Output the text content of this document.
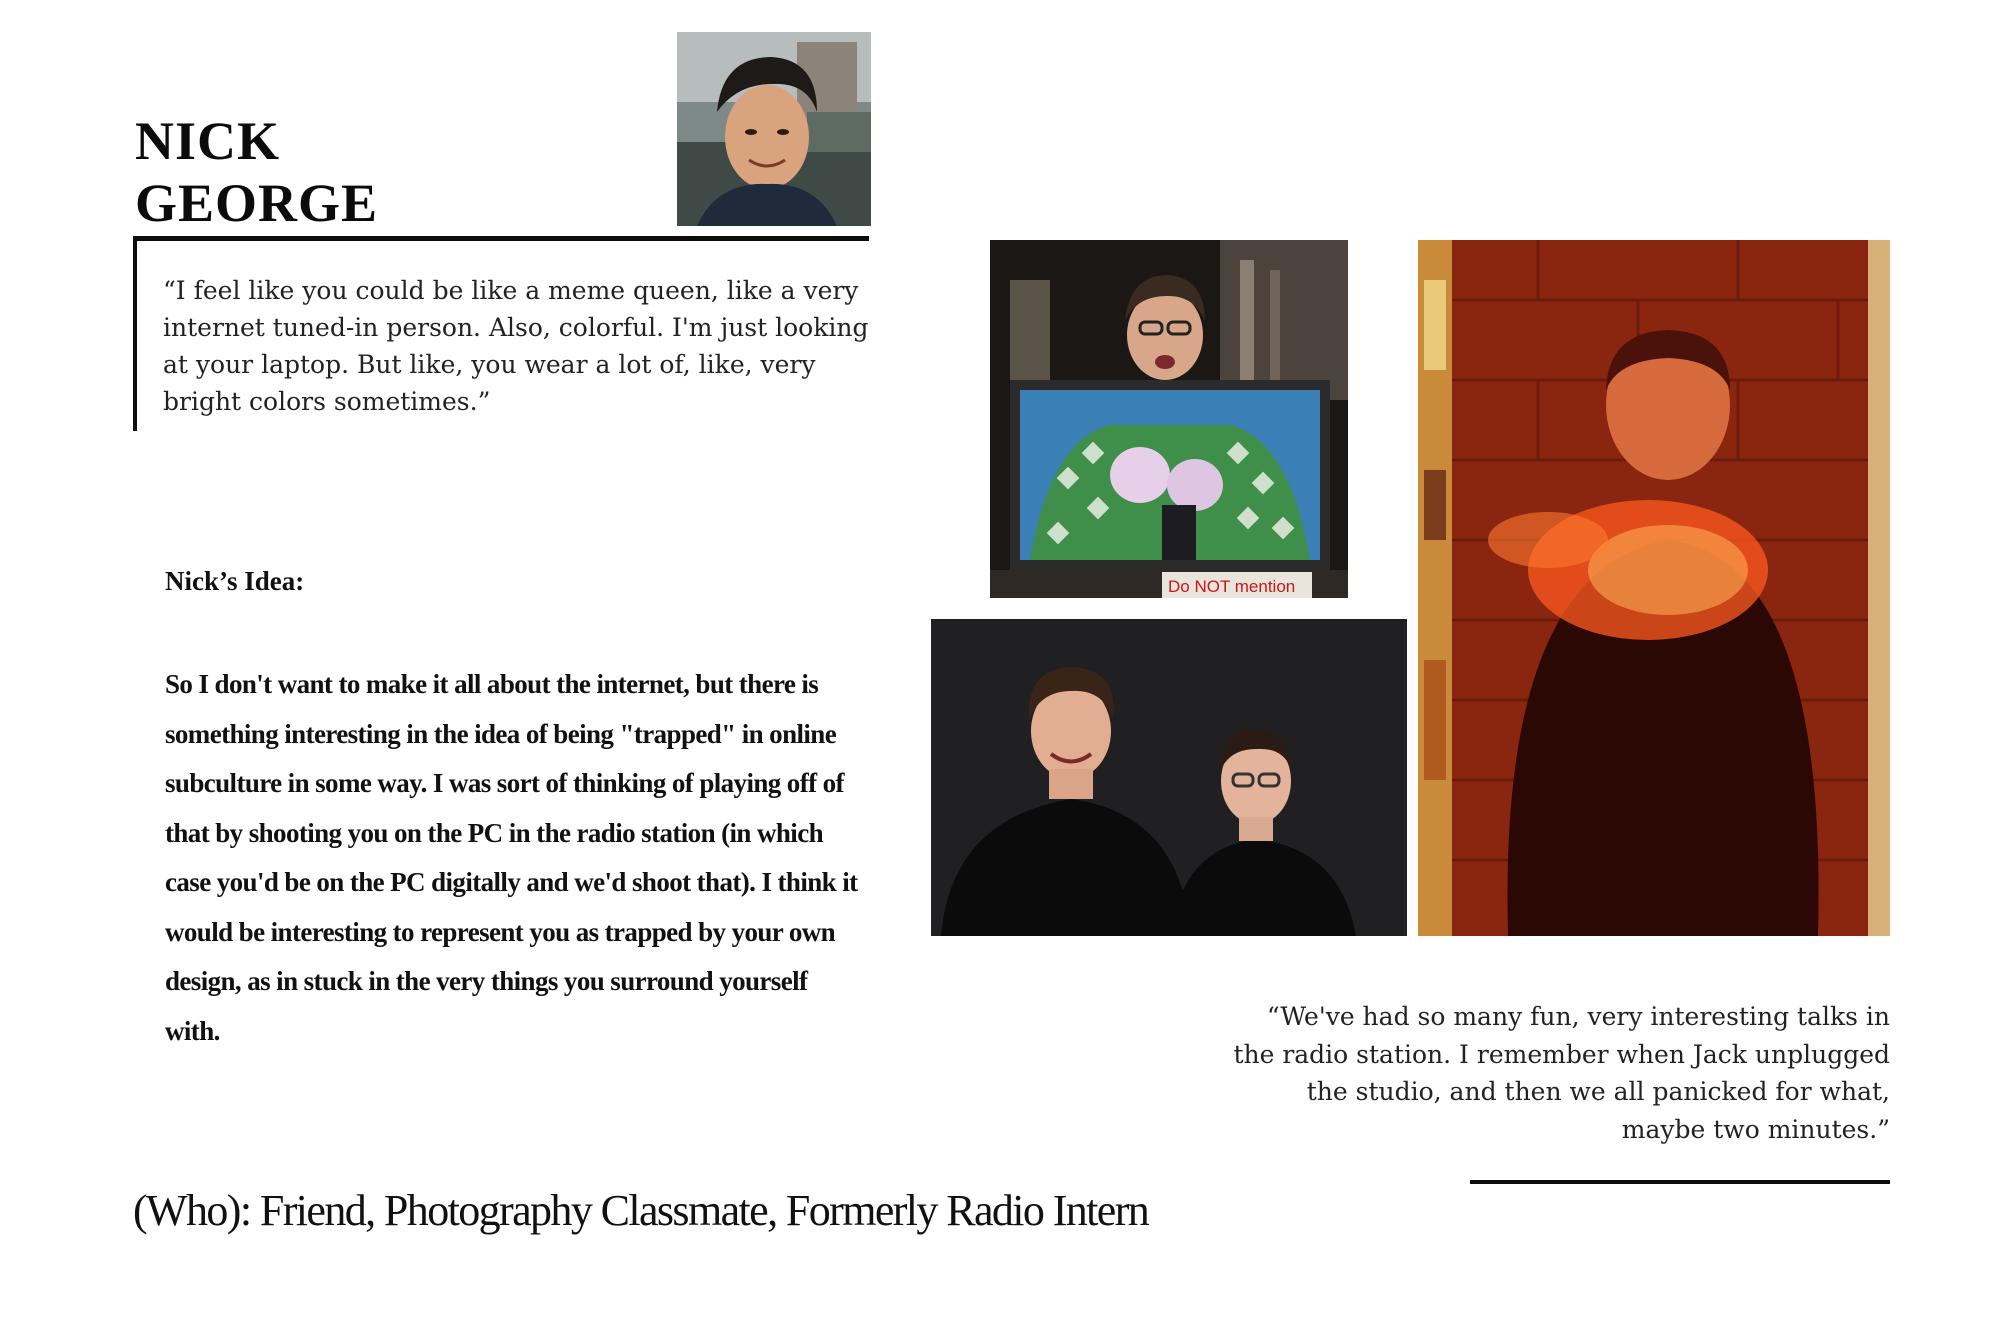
NICK
GEORGE

“I feel like you could be like a meme queen, like a very internet tuned-in person. Also, colorful. I'm just looking at your laptop. But like, you wear a lot of, like, very bright colors sometimes.”

Nick’s Idea:

So I don't want to make it all about the internet, but there is something interesting in the idea of being "trapped" in online subculture in some way. I was sort of thinking of playing off of that by shooting you on the PC in the radio station (in which case you'd be on the PC digitally and we'd shoot that). I think it would be interesting to represent you as trapped by your own design, as in stuck in the very things you surround yourself with.

(Who): Friend, Photography Classmate, Formerly Radio Intern

Do NOT mention

“We've had so many fun, very interesting talks in the radio station. I remember when Jack unplugged the studio, and then we all panicked for what, maybe two minutes.”
